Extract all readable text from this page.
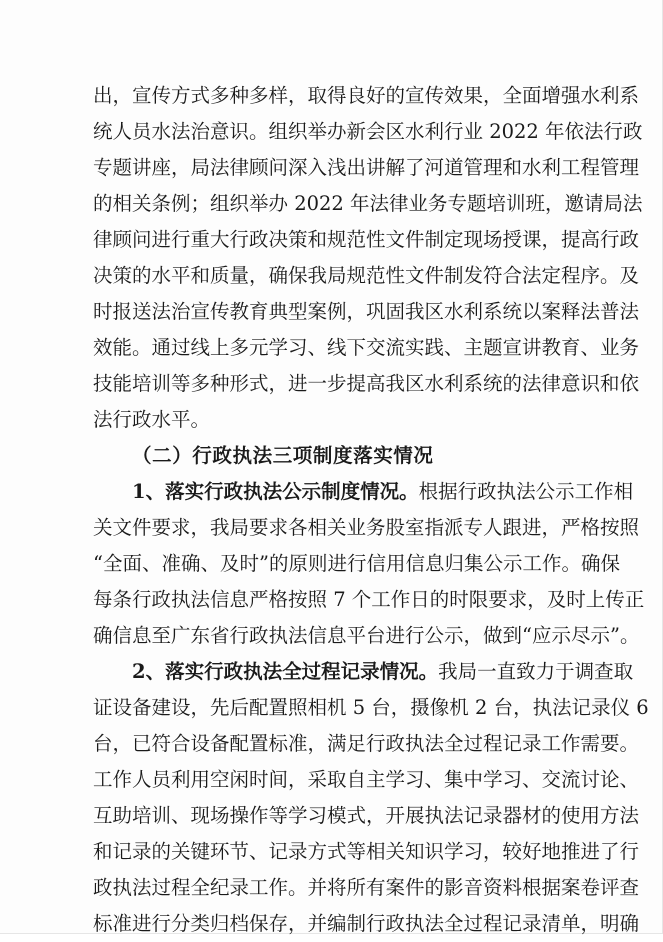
出，宣传方式多种多样，取得良好的宣传效果，全面增强水利系
统人员水法治意识。组织举办新会区水利行业 2022 年依法行政
专题讲座，局法律顾问深入浅出讲解了河道管理和水利工程管理
的相关条例；组织举办 2022 年法律业务专题培训班，邀请局法
律顾问进行重大行政决策和规范性文件制定现场授课，提高行政
决策的水平和质量，确保我局规范性文件制发符合法定程序。及
时报送法治宣传教育典型案例，巩固我区水利系统以案释法普法
效能。通过线上多元学习、线下交流实践、主题宣讲教育、业务
技能培训等多种形式，进一步提高我区水利系统的法律意识和依
法行政水平。
（二）行政执法三项制度落实情况
1、落实行政执法公示制度情况。根据行政执法公示工作相
关文件要求，我局要求各相关业务股室指派专人跟进，严格按照
“全面、准确、及时”的原则进行信用信息归集公示工作。确保
每条行政执法信息严格按照 7 个工作日的时限要求，及时上传正
确信息至广东省行政执法信息平台进行公示，做到“应示尽示”。
2、落实行政执法全过程记录情况。我局一直致力于调查取
证设备建设，先后配置照相机 5 台，摄像机 2 台，执法记录仪 6
台，已符合设备配置标准，满足行政执法全过程记录工作需要。
工作人员利用空闲时间，采取自主学习、集中学习、交流讨论、
互助培训、现场操作等学习模式，开展执法记录器材的使用方法
和记录的关键环节、记录方式等相关知识学习，较好地推进了行
政执法过程全纪录工作。并将所有案件的影音资料根据案卷评查
标准进行分类归档保存，并编制行政执法全过程记录清单，明确
